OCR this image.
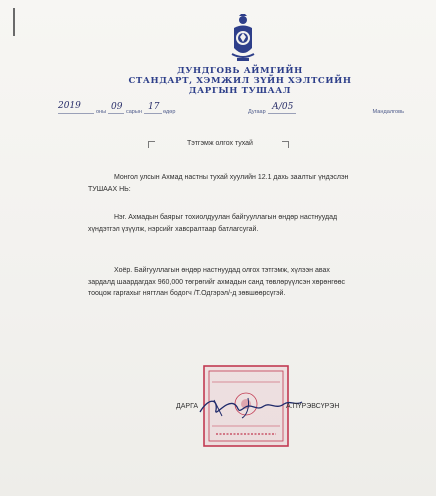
ДУНДГОВЬ АЙМГИЙН
СТАНДАРТ, ХЭМЖИЛ ЗҮЙН ХЭЛТСИЙН
ДАРГЫН ТУШААЛ
2019
оны 09 сарын 17 өдөр	Дугаар А/05	Мандалговь
Тэтгэмж олгох тухай
Монгол улсын Ахмад настны тухай хуулийн 12.1 дахь заалтыг үндэслэн ТУШААХ НЬ:
Нэг. Ахмадын баярыг тохиолдуулан байгууллагын өндөр настнуудад хүндэтгэл үзүүлж, нэрсийг хавсралтаар батлагсугай.
Хоёр. Байгууллагын өндөр настнуудад олгох тэтгэмж, хүлээн авах зардалд шаардагдах 960,000 төгрөгийг ахмадын санд төвлөрүүлсэн хөрөнгөөс тооцож гаргахыг нягтлан бодогч /Т.Одгэрэл/-д зөвшөөрсүгэй.
ДАРГА	А.ПҮРЭВСҮРЭН
